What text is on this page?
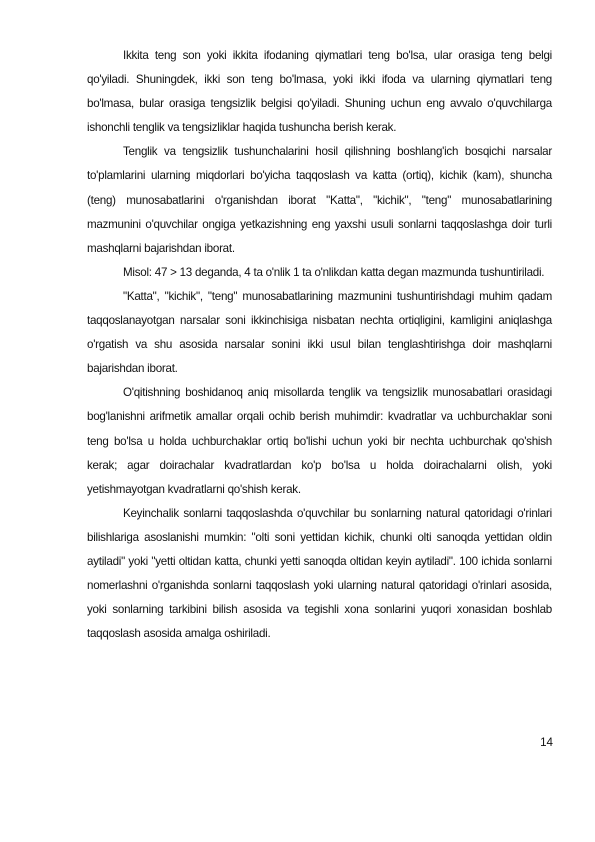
Ikkita teng son yoki ikkita ifodaning qiymatlari teng bo'lsa, ular orasiga teng belgi qo'yiladi. Shuningdek, ikki son teng bo'lmasa, yoki ikki ifoda va ularning qiymatlari teng bo'lmasa, bular orasiga tengsizlik belgisi qo'yiladi. Shuning uchun eng avvalo o'quvchilarga ishonchli tenglik va tengsizliklar haqida tushuncha berish kerak.

Tenglik va tengsizlik tushunchalarini hosil qilishning boshlang'ich bosqichi narsalar to'plamlarini ularning miqdorlari bo'yicha taqqoslash va katta (ortiq), kichik (kam), shuncha (teng) munosabatlarini o'rganishdan iborat "Katta", "kichik", "teng" munosabatlarining mazmunini o'quvchilar ongiga yetkazishning eng yaxshi usuli sonlarni taqqoslashga doir turli mashqlarni bajarishdan iborat.

Misol: 47 > 13 deganda, 4 ta o'nlik 1 ta o'nlikdan katta degan mazmunda tushuntiriladi.

"Katta", "kichik", "teng" munosabatlarining mazmunini tushuntirishdagi muhim qadam taqqoslanayotgan narsalar soni ikkinchisiga nisbatan nechta ortiqligini, kamligini aniqlashga o'rgatish va shu asosida narsalar sonini ikki usul bilan tenglashtirishga doir mashqlarni bajarishdan iborat.

O'qitishning boshidanoq aniq misollarda tenglik va tengsizlik munosabatlari orasidagi bog'lanishni arifmetik amallar orqali ochib berish muhimdir: kvadratlar va uchburchaklar soni teng bo'lsa u holda uchburchaklar ortiq bo'lishi uchun yoki bir nechta uchburchak qo'shish kerak; agar doirachalar kvadratlardan ko'p bo'lsa u holda doirachalarni olish, yoki yetishmayotgan kvadratlarni qo'shish kerak.

Keyinchalik sonlarni taqqoslashda o'quvchilar bu sonlarning natural qatoridagi o'rinlari bilishlariga asoslanishi mumkin: "olti soni yettidan kichik, chunki olti sanoqda yettidan oldin aytiladi" yoki "yetti oltidan katta, chunki yetti sanoqda oltidan keyin aytiladi". 100 ichida sonlarni nomerlashni o'rganishda sonlarni taqqoslash yoki ularning natural qatoridagi o'rinlari asosida, yoki sonlarning tarkibini bilish asosida va tegishli xona sonlarini yuqori xonasidan boshlab taqqoslash asosida amalga oshiriladi.

14
